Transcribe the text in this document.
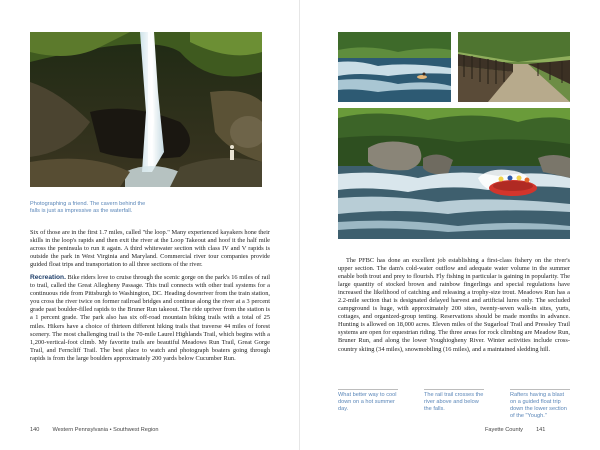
Photographing a friend. The cavern behind the falls is just as impressive as the waterfall.

Six of those are in the first 1.7 miles, called "the loop." Many experienced kayakers hone their skills in the loop's rapids and then exit the river at the Loop Takeout and hoof it the half mile across the peninsula to run it again. A third whitewater section with class IV and V rapids is outside the park in West Virginia and Maryland. Commercial river tour companies provide guided float trips and transportation to all three sections of the river.

Recreation. Bike riders love to cruise through the scenic gorge on the park's 16 miles of rail to trail, called the Great Allegheny Passage. This trail connects with other trail systems for a continuous ride from Pittsburgh to Washington, DC. Heading downriver from the train station, you cross the river twice on former railroad bridges and continue along the river at a 3 percent grade past boulder-filled rapids to the Bruner Run takeout. The ride upriver from the station is a 1 percent grade. The park also has six off-road mountain biking trails with a total of 25 miles. Hikers have a choice of thirteen different hiking trails that traverse 44 miles of forest scenery. The most challenging trail is the 70-mile Laurel Highlands Trail, which begins with a 1,200-vertical-foot climb. My favorite trails are beautiful Meadows Run Trail, Great Gorge Trail, and Ferncliff Trail. The best place to watch and photograph boaters going through rapids is from the large boulders approximately 200 yards below Cucumber Run.

140 Western Pennsylvania • Southwest Region

The PFBC has done an excellent job establishing a first-class fishery on the river's upper section. The dam's cold-water outflow and adequate water volume in the summer enable both trout and prey to flourish. Fly fishing in particular is gaining in popularity. The large quantity of stocked brown and rainbow fingerlings and special regulations have increased the likelihood of catching and releasing a trophy-size trout. Meadows Run has a 2.2-mile section that is designated delayed harvest and artificial lures only. The secluded campground is huge, with approximately 200 sites, twenty-seven walk-in sites, yurts, cottages, and organized-group tenting. Reservations should be made months in advance. Hunting is allowed on 18,000 acres. Eleven miles of the Sugarloaf Trail and Pressley Trail systems are open for equestrian riding. The three areas for rock climbing are Meadow Run, Bruner Run, and along the lower Youghiogheny River. Winter activities include cross-country skiing (34 miles), snowmobiling (16 miles), and a maintained sledding hill.

What better way to cool down on a hot summer day.
The rail trail crosses the river above and below the falls.
Rafters having a blast on a guided float trip down the lower section of the "Yough."
Fayette County 141
